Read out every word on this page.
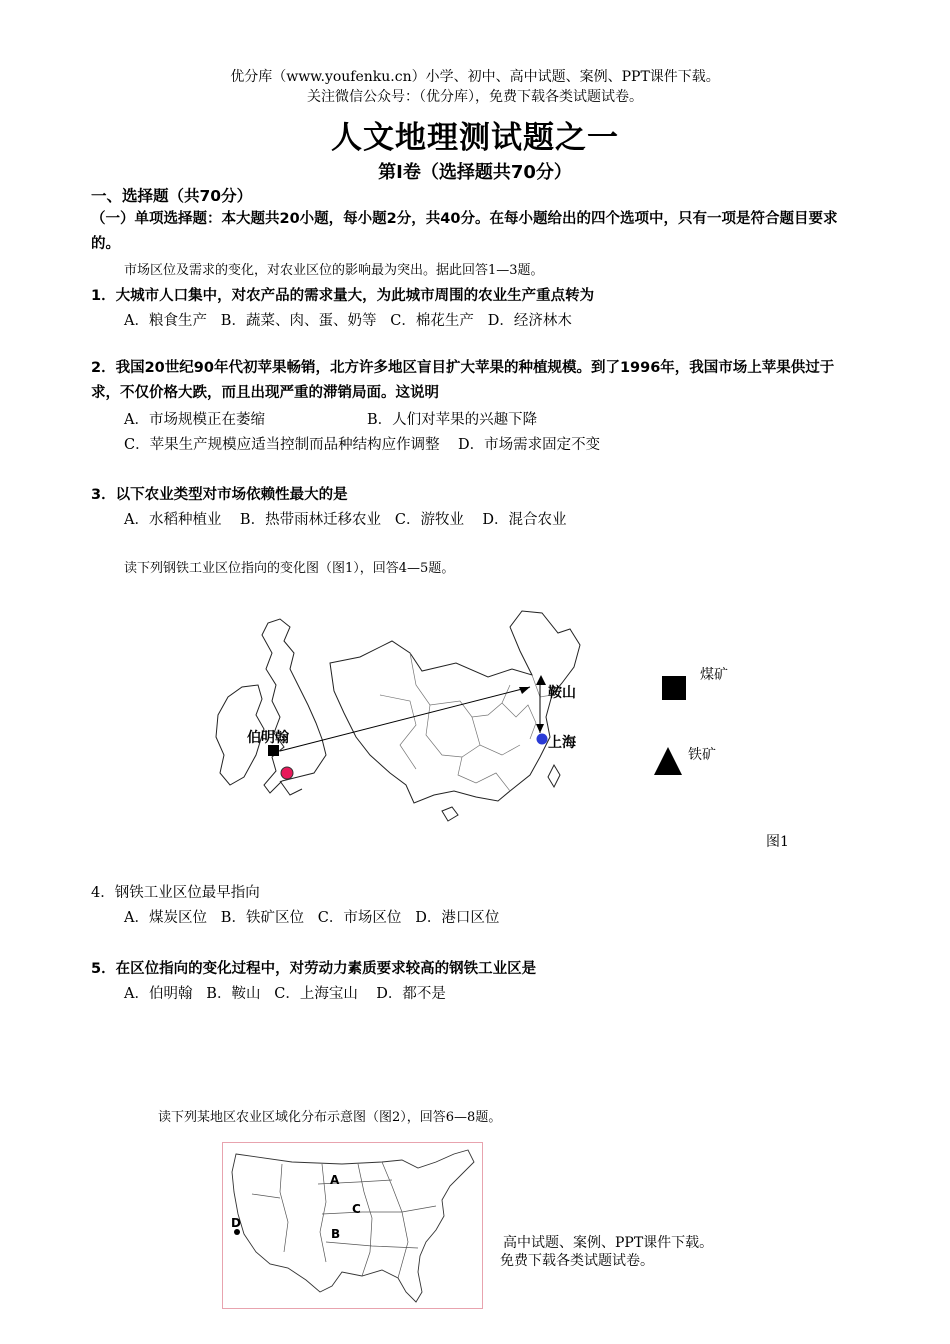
优分库（www.youfenku.cn）小学、初中、高中试题、案例、PPT课件下载。
关注微信公众号：（优分库），免费下载各类试题试卷。
人文地理测试题之一
第Ⅰ卷（选择题共70分）
一、选择题（共70分）
（一）单项选择题：本大题共20小题，每小题2分，共40分。在每小题给出的四个选项中，只有一项是符合题目要求的。
市场区位及需求的变化，对农业区位的影响最为突出。据此回答1—3题。
1．大城市人口集中，对农产品的需求量大，为此城市周围的农业生产重点转为
A．粮食生产   B．蔬菜、肉、蛋、奶等   C．棉花生产   D．经济林木
2．我国20世纪90年代初苹果畅销，北方许多地区盲目扩大苹果的种植规模。到了1996年，我国市场上苹果供过于求，不仅价格大跌，而且出现严重的滞销局面。这说明
A．市场规模正在萎缩	B．人们对苹果的兴趣下降
C．苹果生产规模应适当控制而品种结构应作调整    D．市场需求固定不变
3．以下农业类型对市场依赖性最大的是
A．水稻种植业    B．热带雨林迁移农业   C．游牧业    D．混合农业
读下列钢铁工业区位指向的变化图（图1），回答4—5题。
伯明翰
鞍山
上海
煤矿
铁矿
图1
4．钢铁工业区位最早指向
A．煤炭区位   B．铁矿区位   C．市场区位   D．港口区位
5．在区位指向的变化过程中，对劳动力素质要求较高的钢铁工业区是
A．伯明翰   B．鞍山   C．上海宝山    D．都不是
读下列某地区农业区域化分布示意图（图2），回答6—8题。
A
C
B
D
高中试题、案例、PPT课件下载。
免费下载各类试题试卷。
